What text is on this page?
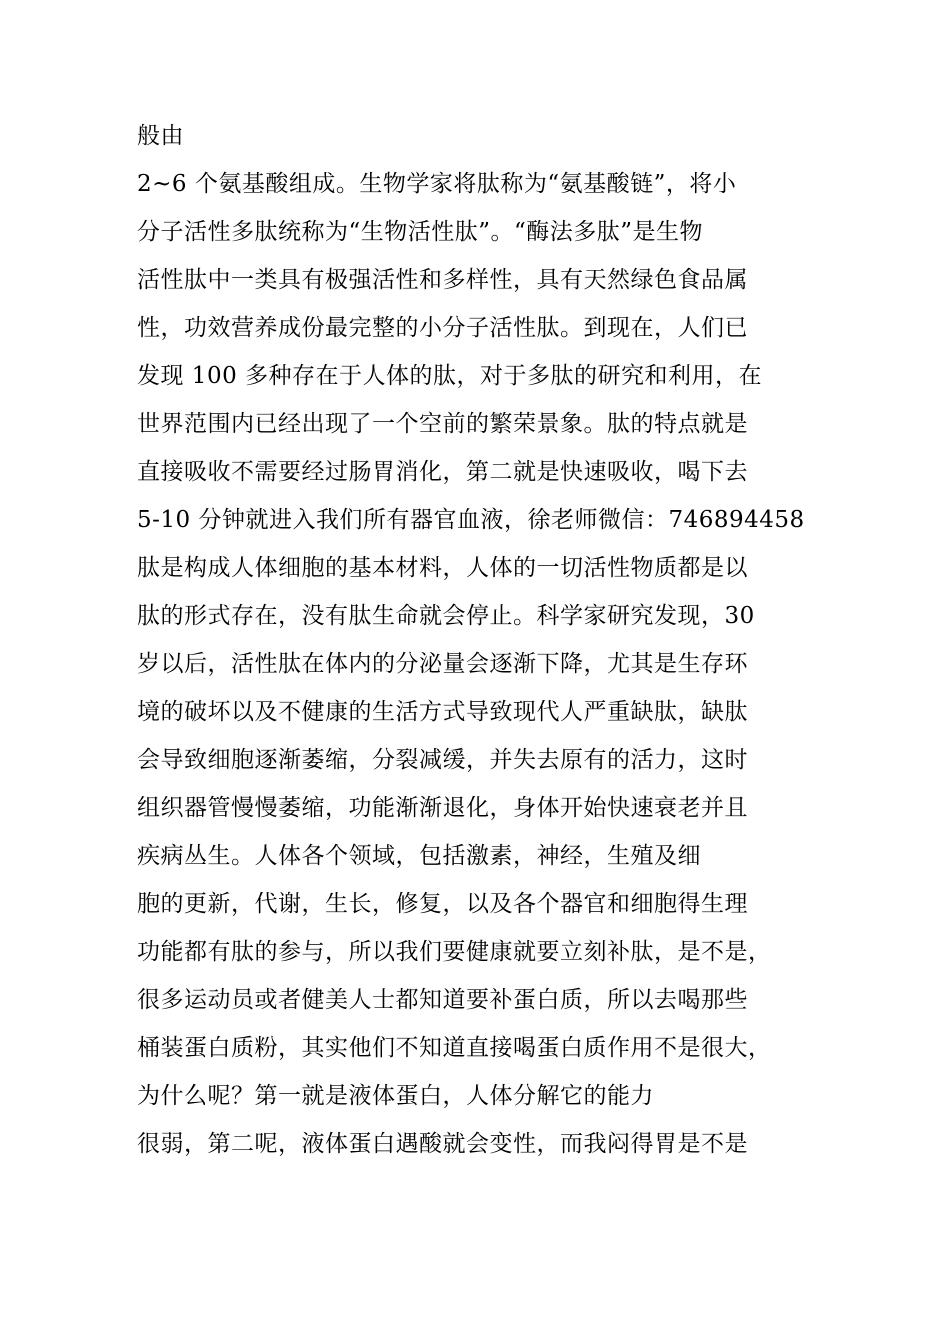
般由
2~6 个氨基酸组成。生物学家将肽称为“氨基酸链”，将小
分子活性多肽统称为“生物活性肽”。“酶法多肽”是生物
活性肽中一类具有极强活性和多样性，具有天然绿色食品属
性，功效营养成份最完整的小分子活性肽。到现在，人们已
发现 100 多种存在于人体的肽，对于多肽的研究和利用，在
世界范围内已经出现了一个空前的繁荣景象。肽的特点就是
直接吸收不需要经过肠胃消化，第二就是快速吸收，喝下去
5-10 分钟就进入我们所有器官血液，徐老师微信：746894458
肽是构成人体细胞的基本材料，人体的一切活性物质都是以
肽的形式存在，没有肽生命就会停止。科学家研究发现，30
岁以后，活性肽在体内的分泌量会逐渐下降，尤其是生存环
境的破坏以及不健康的生活方式导致现代人严重缺肽，缺肽
会导致细胞逐渐萎缩，分裂减缓，并失去原有的活力，这时
组织器管慢慢萎缩，功能渐渐退化，身体开始快速衰老并且
疾病丛生。人体各个领域，包括激素，神经，生殖及细
胞的更新，代谢，生长，修复，以及各个器官和细胞得生理
功能都有肽的参与，所以我们要健康就要立刻补肽，是不是，
很多运动员或者健美人士都知道要补蛋白质，所以去喝那些
桶装蛋白质粉，其实他们不知道直接喝蛋白质作用不是很大，
为什么呢？第一就是液体蛋白，人体分解它的能力
很弱，第二呢，液体蛋白遇酸就会变性，而我闷得胃是不是
